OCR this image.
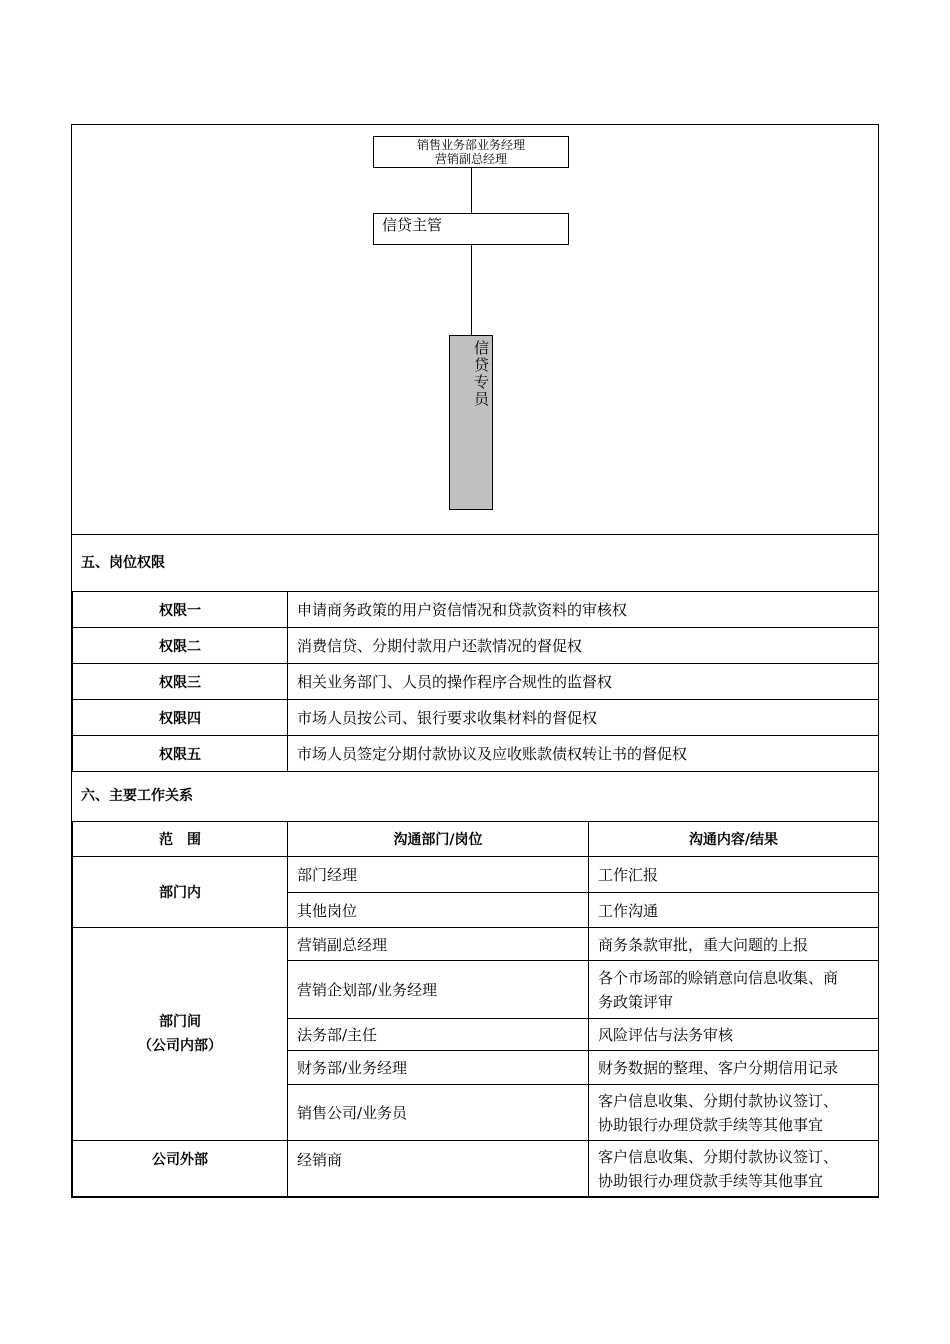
销售业务部业务经理
营销副总经理
信贷主管
信贷专员
五、岗位权限
权限一	申请商务政策的用户资信情况和贷款资料的审核权
权限二	消费信贷、分期付款用户还款情况的督促权
权限三	相关业务部门、人员的操作程序合规性的监督权
权限四	市场人员按公司、银行要求收集材料的督促权
权限五	市场人员签定分期付款协议及应收账款债权转让书的督促权
六、主要工作关系
范　围	沟通部门/岗位	沟通内容/结果
部门内	部门经理	工作汇报
	其他岗位	工作沟通

部门间
（公司内部）	营销副总经理	商务条款审批，重大问题的上报
	营销企划部/业务经理	各个市场部的赊销意向信息收集、商
务政策评审

	法务部/主任	风险评估与法务审核
	财务部/业务经理	财务数据的整理、客户分期信用记录
	销售公司/业务员	客户信息收集、分期付款协议签订、
协助银行办理贷款手续等其他事宜

公司外部	经销商	客户信息收集、分期付款协议签订、
协助银行办理贷款手续等其他事宜
